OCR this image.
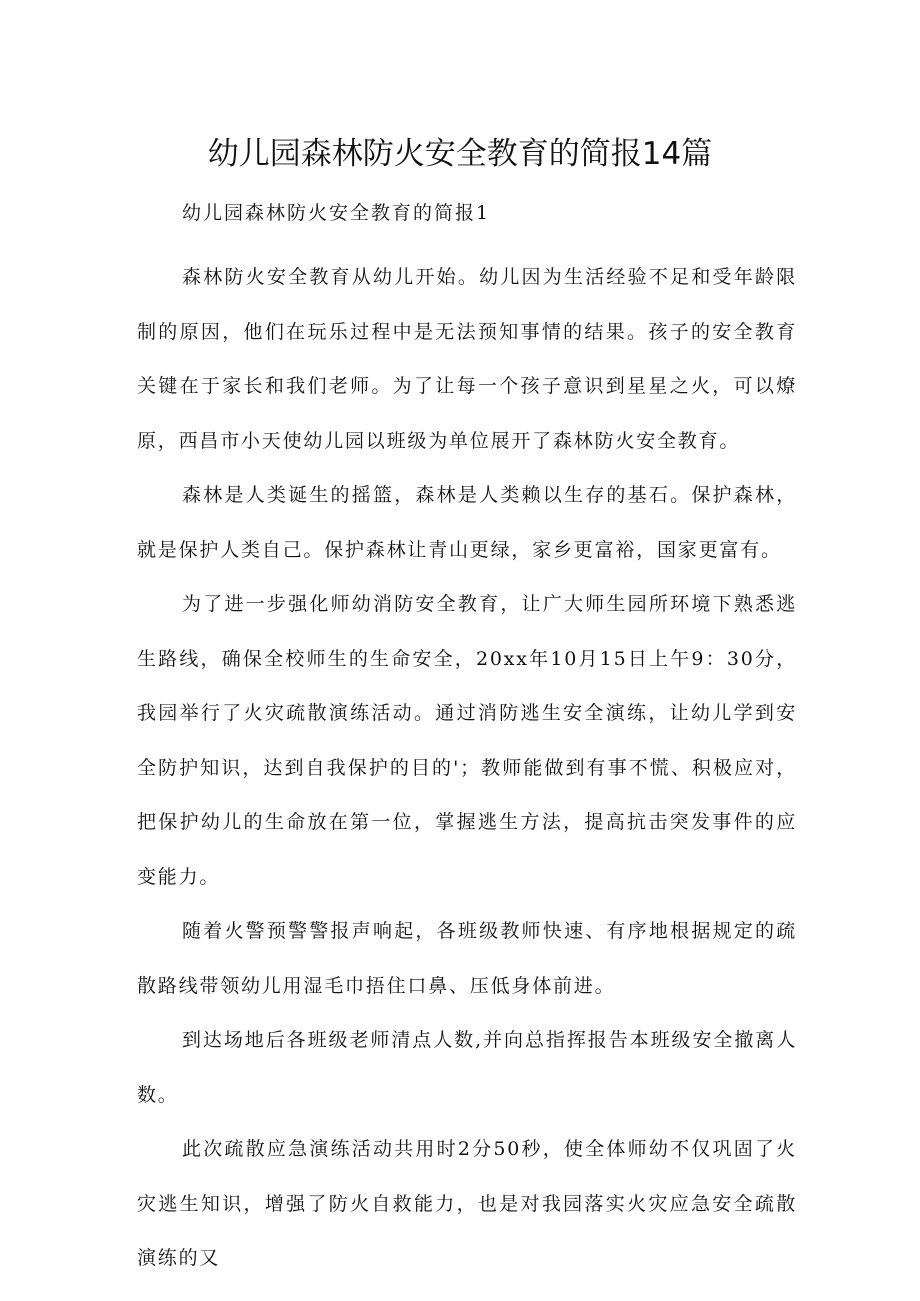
幼儿园森林防火安全教育的简报14篇
幼儿园森林防火安全教育的简报1

森林防火安全教育从幼儿开始。幼儿因为生活经验不足和受年龄限制的原因，他们在玩乐过程中是无法预知事情的结果。孩子的安全教育关键在于家长和我们老师。为了让每一个孩子意识到星星之火，可以燎原，西昌市小天使幼儿园以班级为单位展开了森林防火安全教育。

森林是人类诞生的摇篮，森林是人类赖以生存的基石。保护森林，就是保护人类自己。保护森林让青山更绿，家乡更富裕，国家更富有。

为了进一步强化师幼消防安全教育，让广大师生园所环境下熟悉逃生路线，确保全校师生的生命安全，20xx年10月15日上午9：30分，我园举行了火灾疏散演练活动。通过消防逃生安全演练，让幼儿学到安全防护知识，达到自我保护的目的'；教师能做到有事不慌、积极应对，把保护幼儿的生命放在第一位，掌握逃生方法，提高抗击突发事件的应变能力。

随着火警预警警报声响起，各班级教师快速、有序地根据规定的疏散路线带领幼儿用湿毛巾捂住口鼻、压低身体前进。

到达场地后各班级老师清点人数,并向总指挥报告本班级安全撤离人数。

此次疏散应急演练活动共用时2分50秒，使全体师幼不仅巩固了火灾逃生知识，增强了防火自救能力，也是对我园落实火灾应急安全疏散演练的又
